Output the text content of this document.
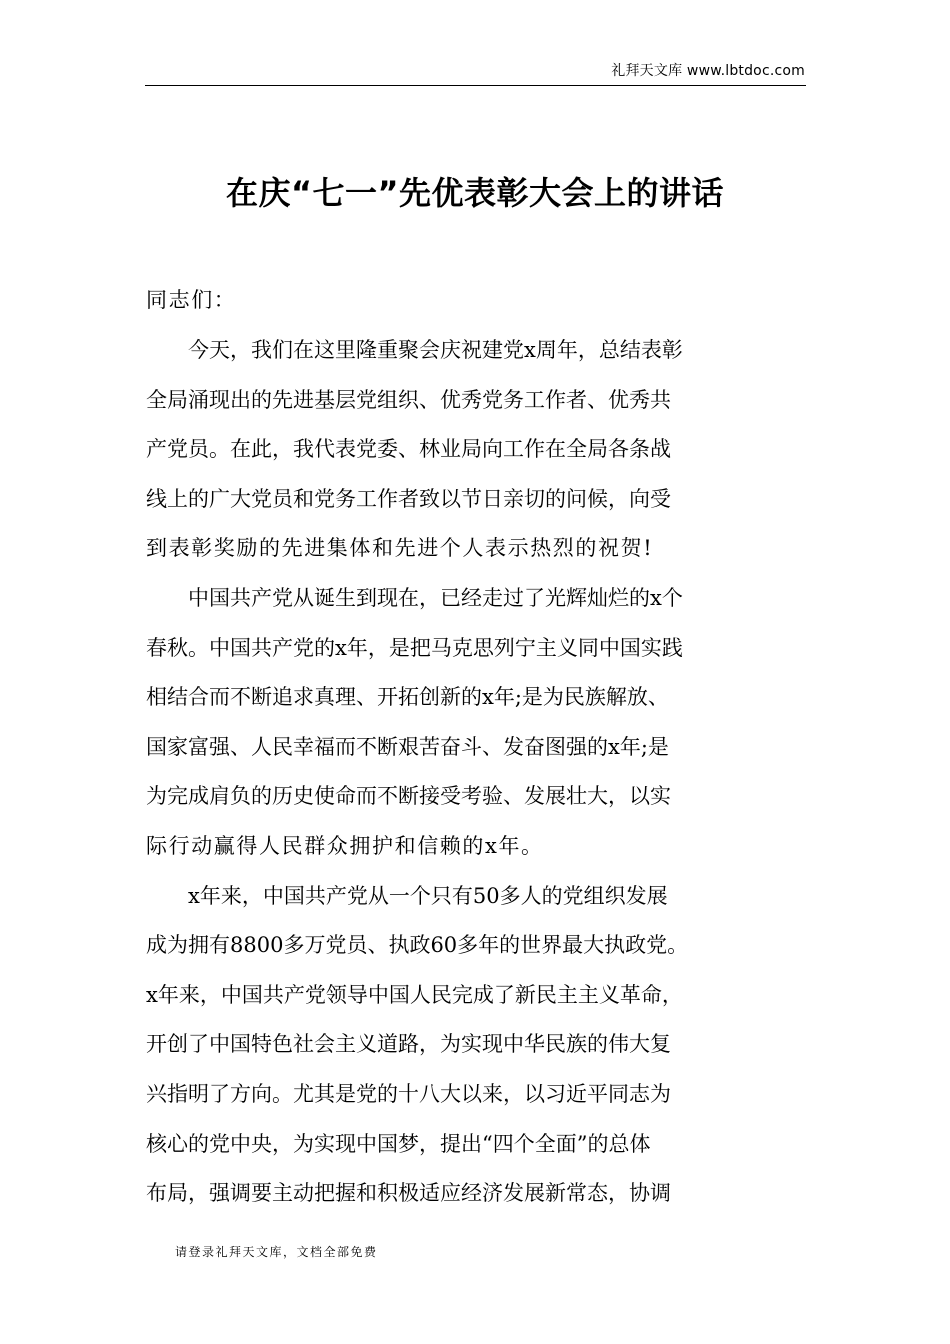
礼拜天文库 www.lbtdoc.com
在庆“七一”先优表彰大会上的讲话
同志们：
　　今天，我们在这里隆重聚会庆祝建党x周年，总结表彰
全局涌现出的先进基层党组织、优秀党务工作者、优秀共
产党员。在此，我代表党委、林业局向工作在全局各条战
线上的广大党员和党务工作者致以节日亲切的问候，向受
到表彰奖励的先进集体和先进个人表示热烈的祝贺!
　　中国共产党从诞生到现在，已经走过了光辉灿烂的x个
春秋。中国共产党的x年，是把马克思列宁主义同中国实践
相结合而不断追求真理、开拓创新的x年;是为民族解放、
国家富强、人民幸福而不断艰苦奋斗、发奋图强的x年;是
为完成肩负的历史使命而不断接受考验、发展壮大，以实
际行动赢得人民群众拥护和信赖的x年。
　　x年来，中国共产党从一个只有50多人的党组织发展
成为拥有8800多万党员、执政60多年的世界最大执政党。
x年来，中国共产党领导中国人民完成了新民主主义革命，
开创了中国特色社会主义道路，为实现中华民族的伟大复
兴指明了方向。尤其是党的十八大以来，以习近平同志为
核心的党中央，为实现中国梦，提出“四个全面”的总体
布局，强调要主动把握和积极适应经济发展新常态，协调
请登录礼拜天文库，文档全部免费
